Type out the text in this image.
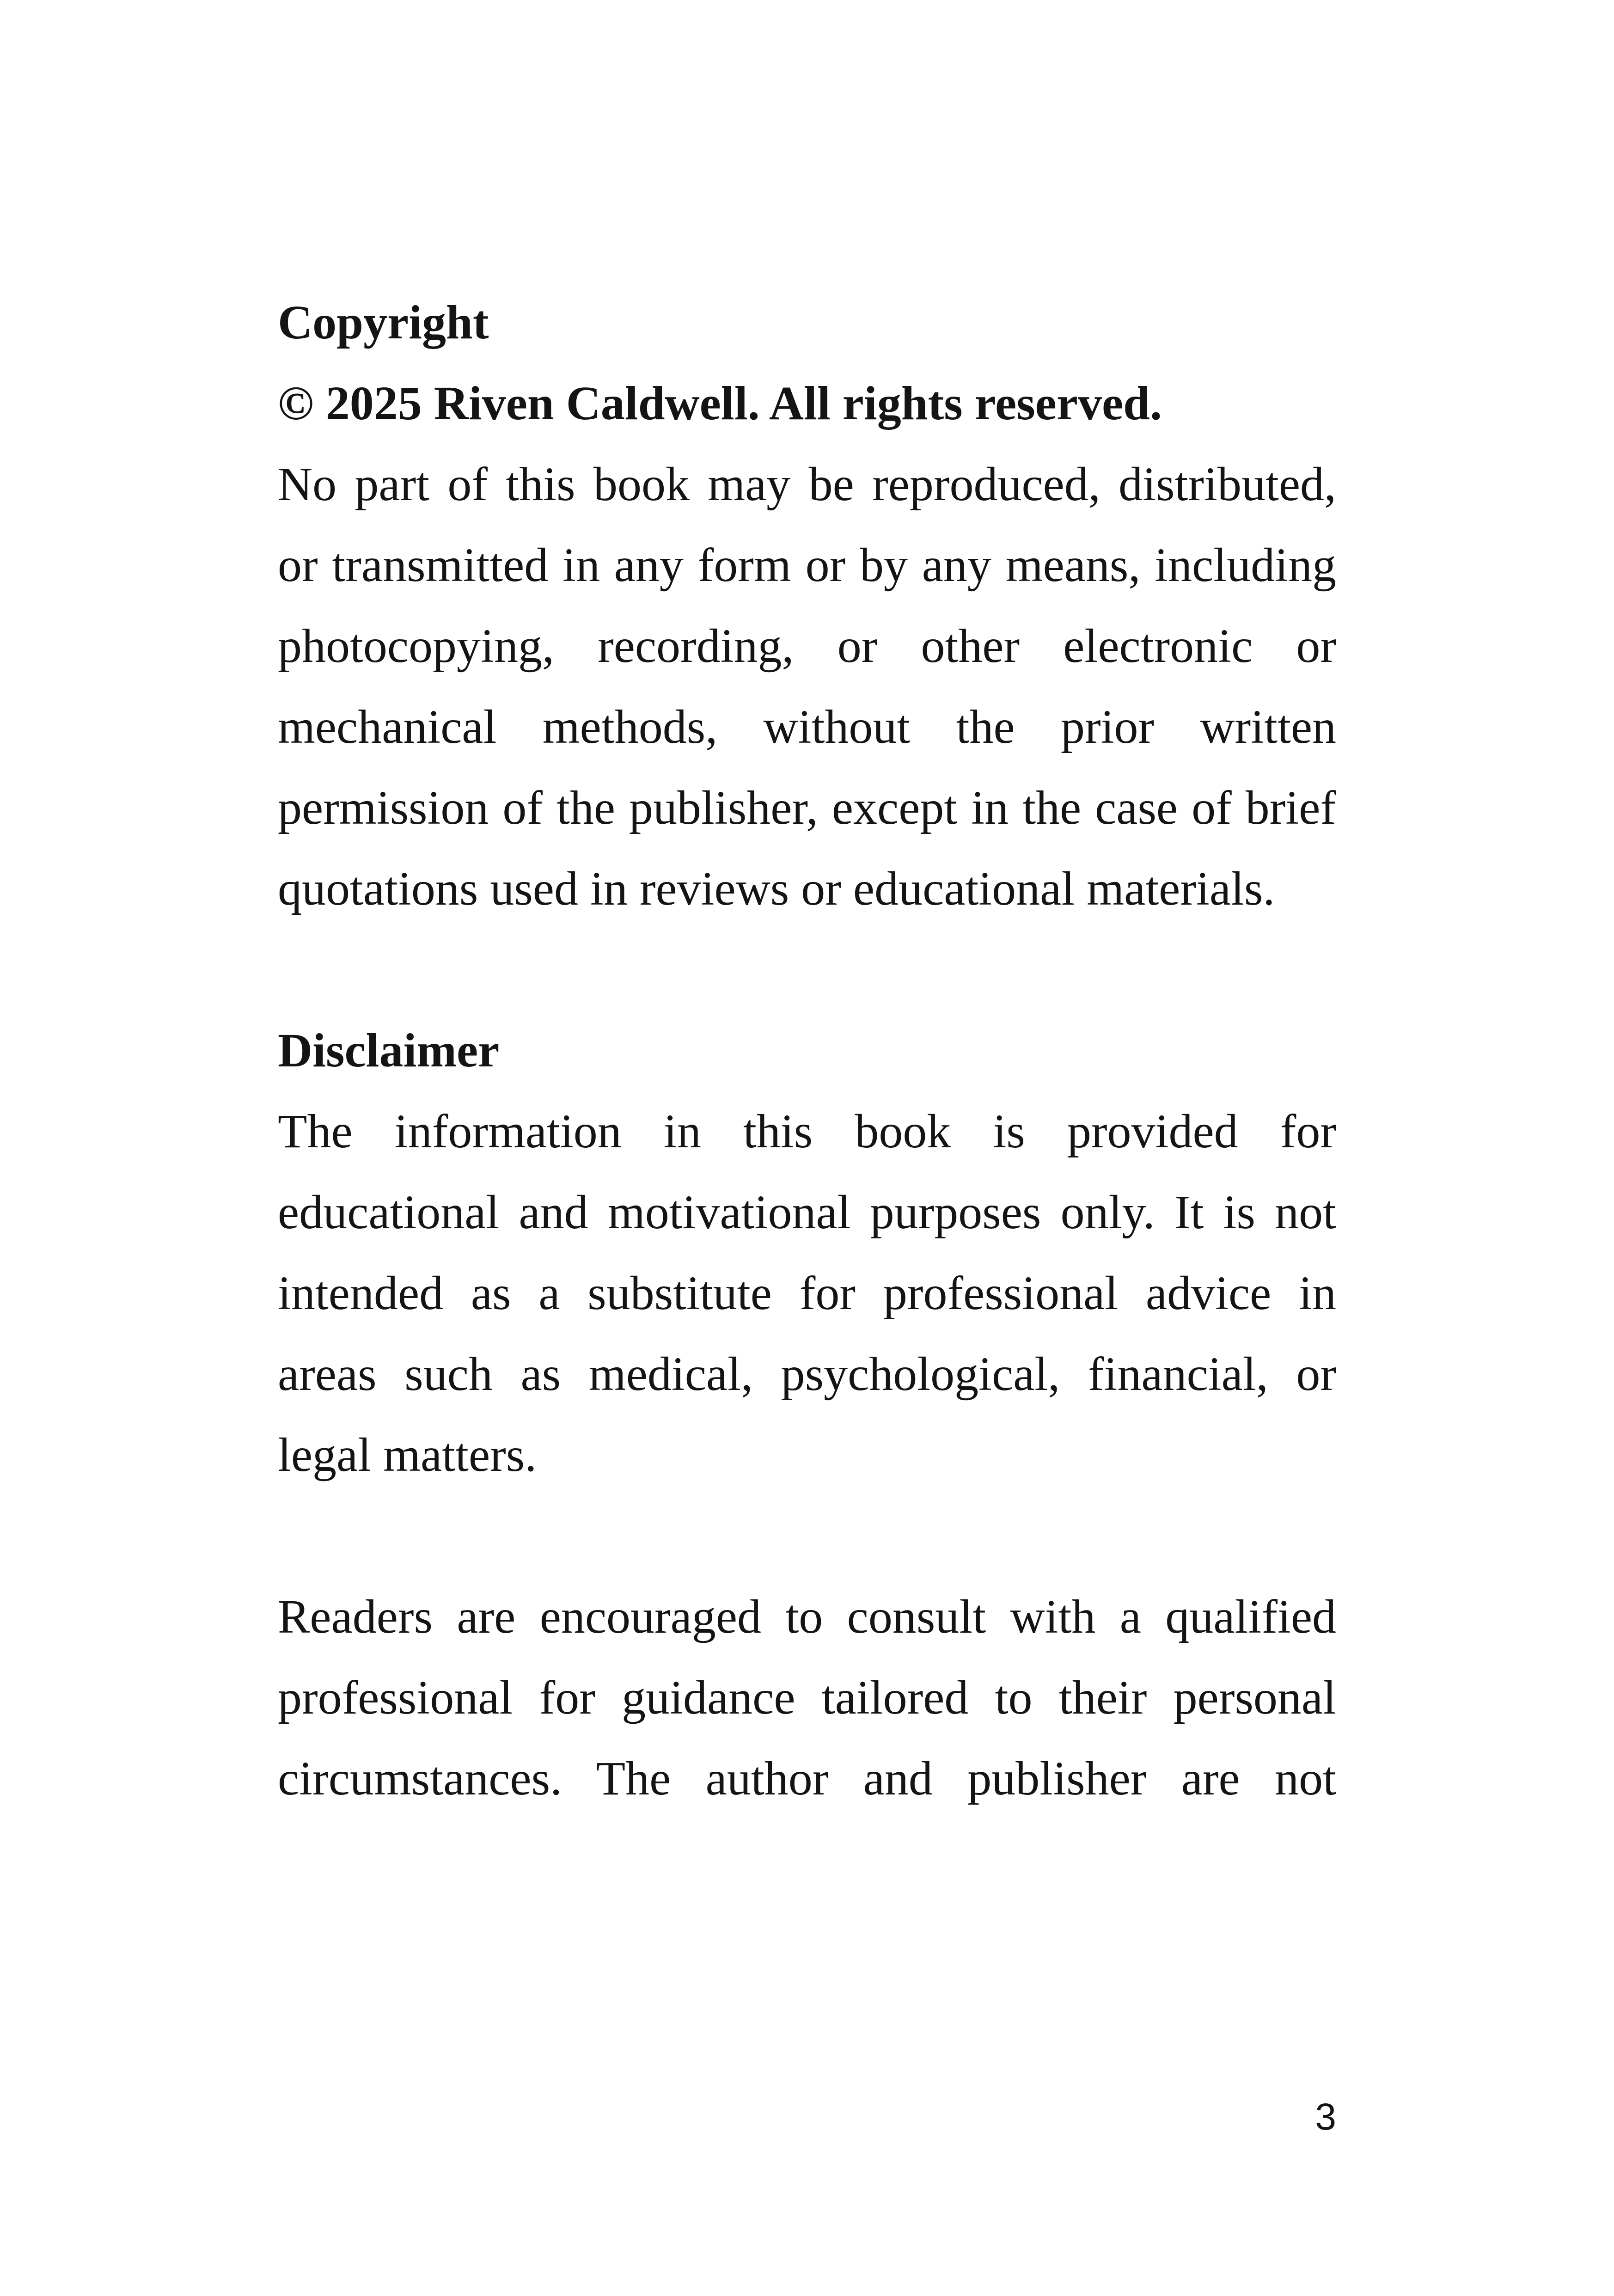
Copyright

© 2025 Riven Caldwell. All rights reserved.

No part of this book may be reproduced, distributed, or transmitted in any form or by any means, including photocopying, recording, or other electronic or mechanical methods, without the prior written permission of the publisher, except in the case of brief quotations used in reviews or educational materials.

Disclaimer

The information in this book is provided for educational and motivational purposes only. It is not intended as a substitute for professional advice in areas such as medical, psychological, financial, or legal matters.

Readers are encouraged to consult with a qualified professional for guidance tailored to their personal circumstances. The author and publisher are not

3
